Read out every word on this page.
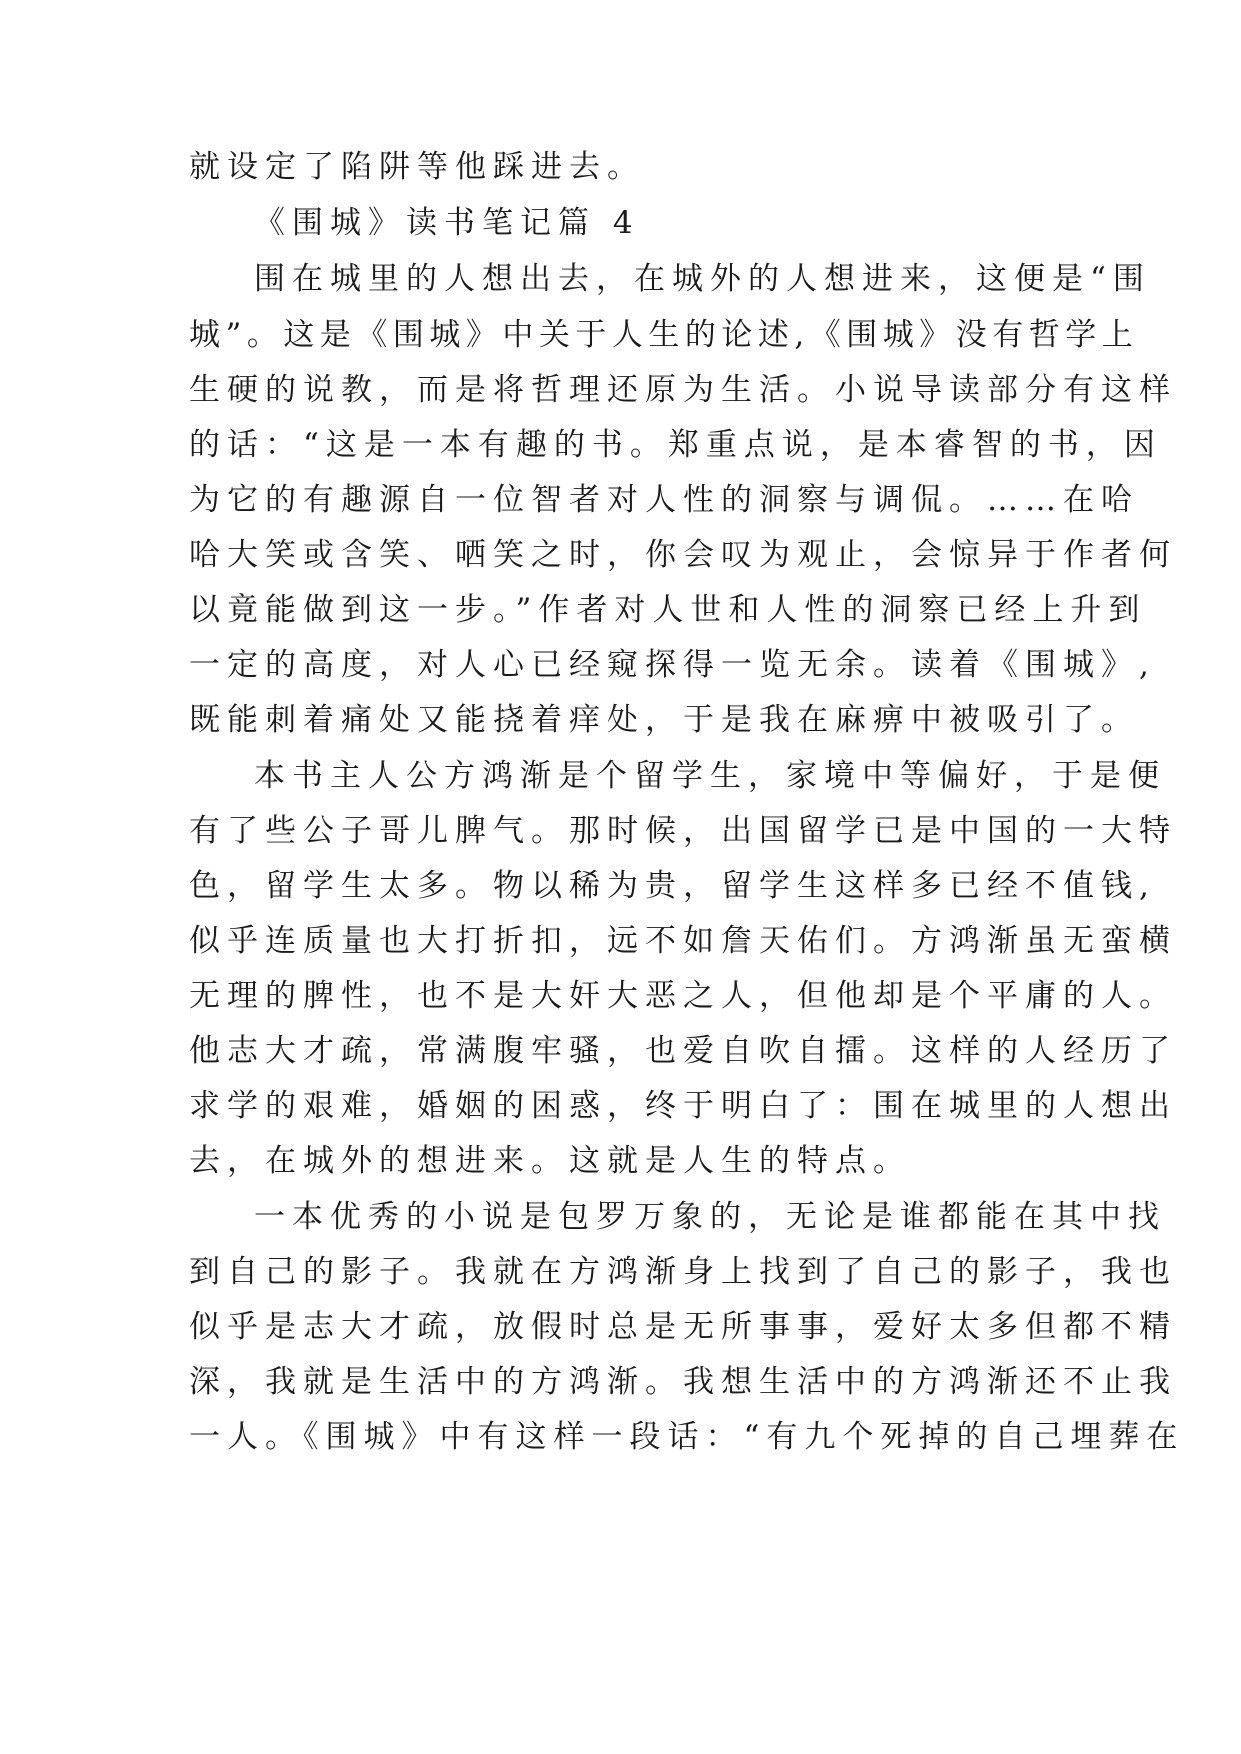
就设定了陷阱等他踩进去。
《围城》读书笔记篇 4
围在城里的人想出去，在城外的人想进来，这便是“围
城”。这是《围城》中关于人生的论述,《围城》没有哲学上
生硬的说教，而是将哲理还原为生活。小说导读部分有这样
的话：“这是一本有趣的书。郑重点说，是本睿智的书，因
为它的有趣源自一位智者对人性的洞察与调侃。……在哈
哈大笑或含笑、哂笑之时，你会叹为观止，会惊异于作者何
以竟能做到这一步。”作者对人世和人性的洞察已经上升到
一定的高度，对人心已经窥探得一览无余。读着《围城》,
既能刺着痛处又能挠着痒处，于是我在麻痹中被吸引了。
本书主人公方鸿渐是个留学生，家境中等偏好，于是便
有了些公子哥儿脾气。那时候，出国留学已是中国的一大特
色，留学生太多。物以稀为贵，留学生这样多已经不值钱,
似乎连质量也大打折扣，远不如詹天佑们。方鸿渐虽无蛮横
无理的脾性，也不是大奸大恶之人，但他却是个平庸的人。
他志大才疏，常满腹牢骚，也爱自吹自擂。这样的人经历了
求学的艰难，婚姻的困惑，终于明白了：围在城里的人想出
去，在城外的想进来。这就是人生的特点。
一本优秀的小说是包罗万象的，无论是谁都能在其中找
到自己的影子。我就在方鸿渐身上找到了自己的影子，我也
似乎是志大才疏，放假时总是无所事事，爱好太多但都不精
深，我就是生活中的方鸿渐。我想生活中的方鸿渐还不止我
一人。《围城》中有这样一段话：“有九个死掉的自己埋葬在
